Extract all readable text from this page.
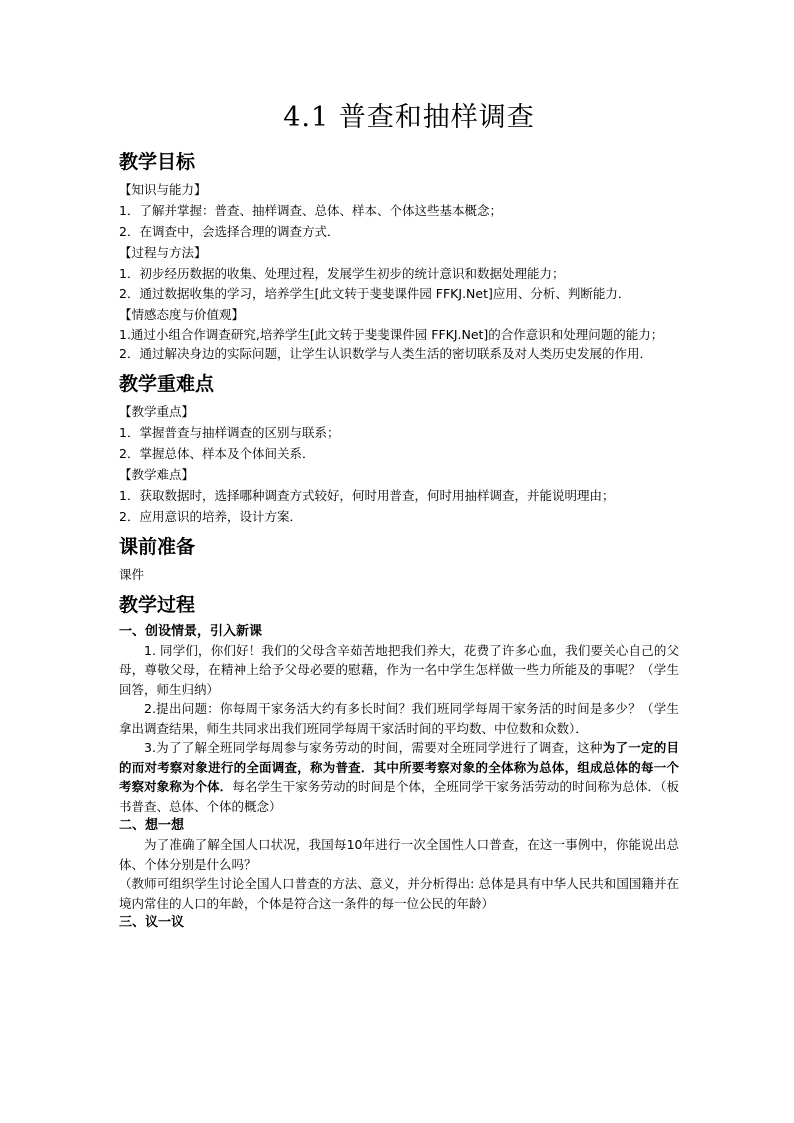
4.1 普查和抽样调查
教学目标
【知识与能力】
1．了解并掌握：普查、抽样调查、总体、样本、个体这些基本概念；
2．在调查中，会选择合理的调查方式．
【过程与方法】
1．初步经历数据的收集、处理过程，发展学生初步的统计意识和数据处理能力；
2．通过数据收集的学习，培养学生[此文转于斐斐课件园 FFKJ.Net]应用、分析、判断能力．
【情感态度与价值观】
1.通过小组合作调查研究,培养学生[此文转于斐斐课件园 FFKJ.Net]的合作意识和处理问题的能力；
2．通过解决身边的实际问题，让学生认识数学与人类生活的密切联系及对人类历史发展的作用．
教学重难点
【教学重点】
1．掌握普查与抽样调查的区别与联系；
2．掌握总体、样本及个体间关系．
【教学难点】
1．获取数据时，选择哪种调查方式较好，何时用普查，何时用抽样调查，并能说明理由；
2．应用意识的培养，设计方案．
课前准备
课件
教学过程
一、创设情景，引入新课
1. 同学们，你们好！我们的父母含辛茹苦地把我们养大，花费了许多心血，我们要关心自己的父母，尊敬父母，在精神上给予父母必要的慰藉，作为一名中学生怎样做一些力所能及的事呢？（学生回答，师生归纳）
2.提出问题：你每周干家务活大约有多长时间？我们班同学每周干家务活的时间是多少？（学生拿出调查结果，师生共同求出我们班同学每周干家活时间的平均数、中位数和众数）．
3.为了了解全班同学每周参与家务劳动的时间，需要对全班同学进行了调查，这种为了一定的目的而对考察对象进行的全面调查，称为普查．其中所要考察对象的全体称为总体，组成总体的每一个考察对象称为个体．每名学生干家务劳动的时间是个体，全班同学干家务活劳动的时间称为总体．（板书普查、总体、个体的概念）
二、想一想
为了准确了解全国人口状况，我国每10年进行一次全国性人口普查，在这一事例中，你能说出总体、个体分别是什么吗？
（教师可组织学生讨论全国人口普查的方法、意义，并分析得出: 总体是具有中华人民共和国国籍并在境内常住的人口的年龄，个体是符合这一条件的每一位公民的年龄）
三、议一议
